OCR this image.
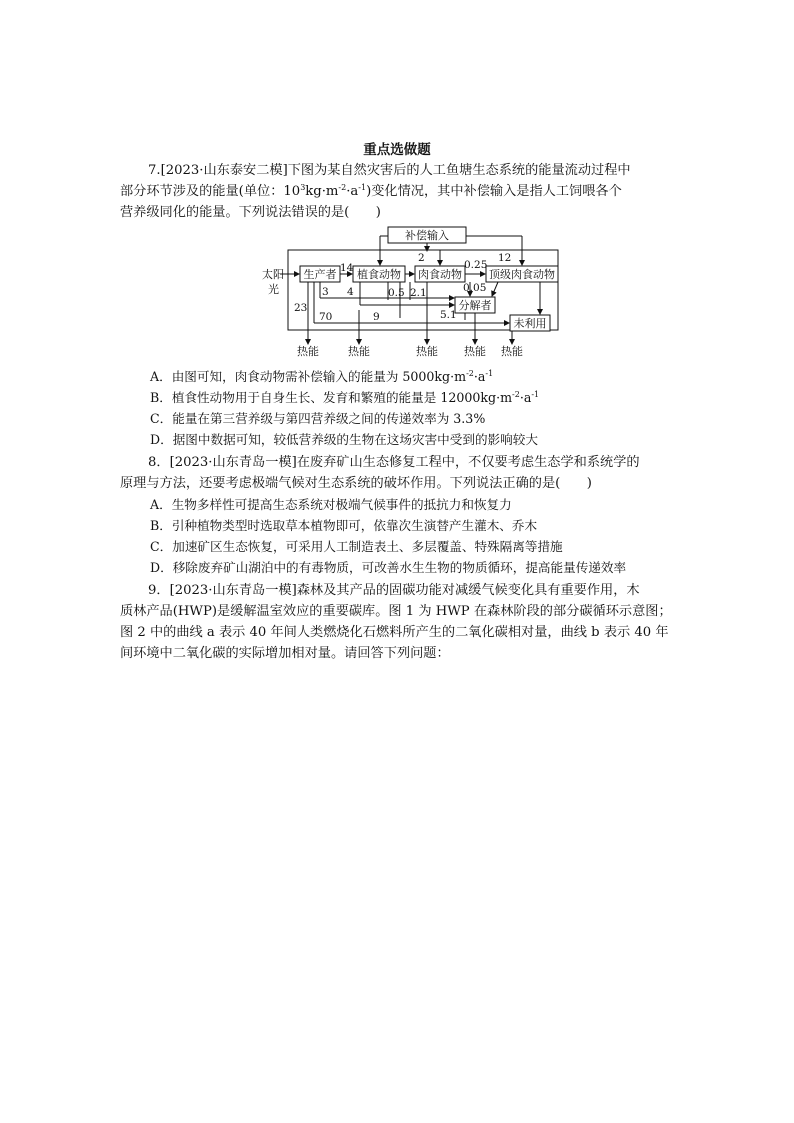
重点选做题
7.[2023·山东泰安二模]下图为某自然灾害后的人工鱼塘生态系统的能量流动过程中
部分环节涉及的能量(单位：$10^3kg\cdot m^{-2}\cdot a^{-1}$)变化情况，其中补偿输入是指人工饲喂各个
营养级同化的能量。下列说法错误的是(　　)
补偿输入
生产者 植食动物 肉食动物 顶级肉食动物
分解者
未利用
太阳
光
2	12
14	0.25
0.05
3 4	0.5 2.1
23
70	9	5.1
热能	热能	热能 热能 热能
A．由图可知，肉食动物需补偿输入的能量为 $5000kg\cdot m^{-2}\cdot a^{-1}$
B．植食性动物用于自身生长、发育和繁殖的能量是 $12000kg\cdot m^{-2}\cdot a^{-1}$
C．能量在第三营养级与第四营养级之间的传递效率为 3.3%
D．据图中数据可知，较低营养级的生物在这场灾害中受到的影响较大
8．[2023·山东青岛一模]在废弃矿山生态修复工程中，不仅要考虑生态学和系统学的
原理与方法，还要考虑极端气候对生态系统的破坏作用。下列说法正确的是(　　)
A．生物多样性可提高生态系统对极端气候事件的抵抗力和恢复力
B．引种植物类型时选取草本植物即可，依靠次生演替产生灌木、乔木
C．加速矿区生态恢复，可采用人工制造表土、多层覆盖、特殊隔离等措施
D．移除废弃矿山湖泊中的有毒物质，可改善水生生物的物质循环，提高能量传递效率
9．[2023·山东青岛一模]森林及其产品的固碳功能对减缓气候变化具有重要作用，木
质林产品(HWP)是缓解温室效应的重要碳库。图 1 为 HWP 在森林阶段的部分碳循环示意图；
图 2 中的曲线 a 表示 40 年间人类燃烧化石燃料所产生的二氧化碳相对量，曲线 b 表示 40 年
间环境中二氧化碳的实际增加相对量。请回答下列问题：
